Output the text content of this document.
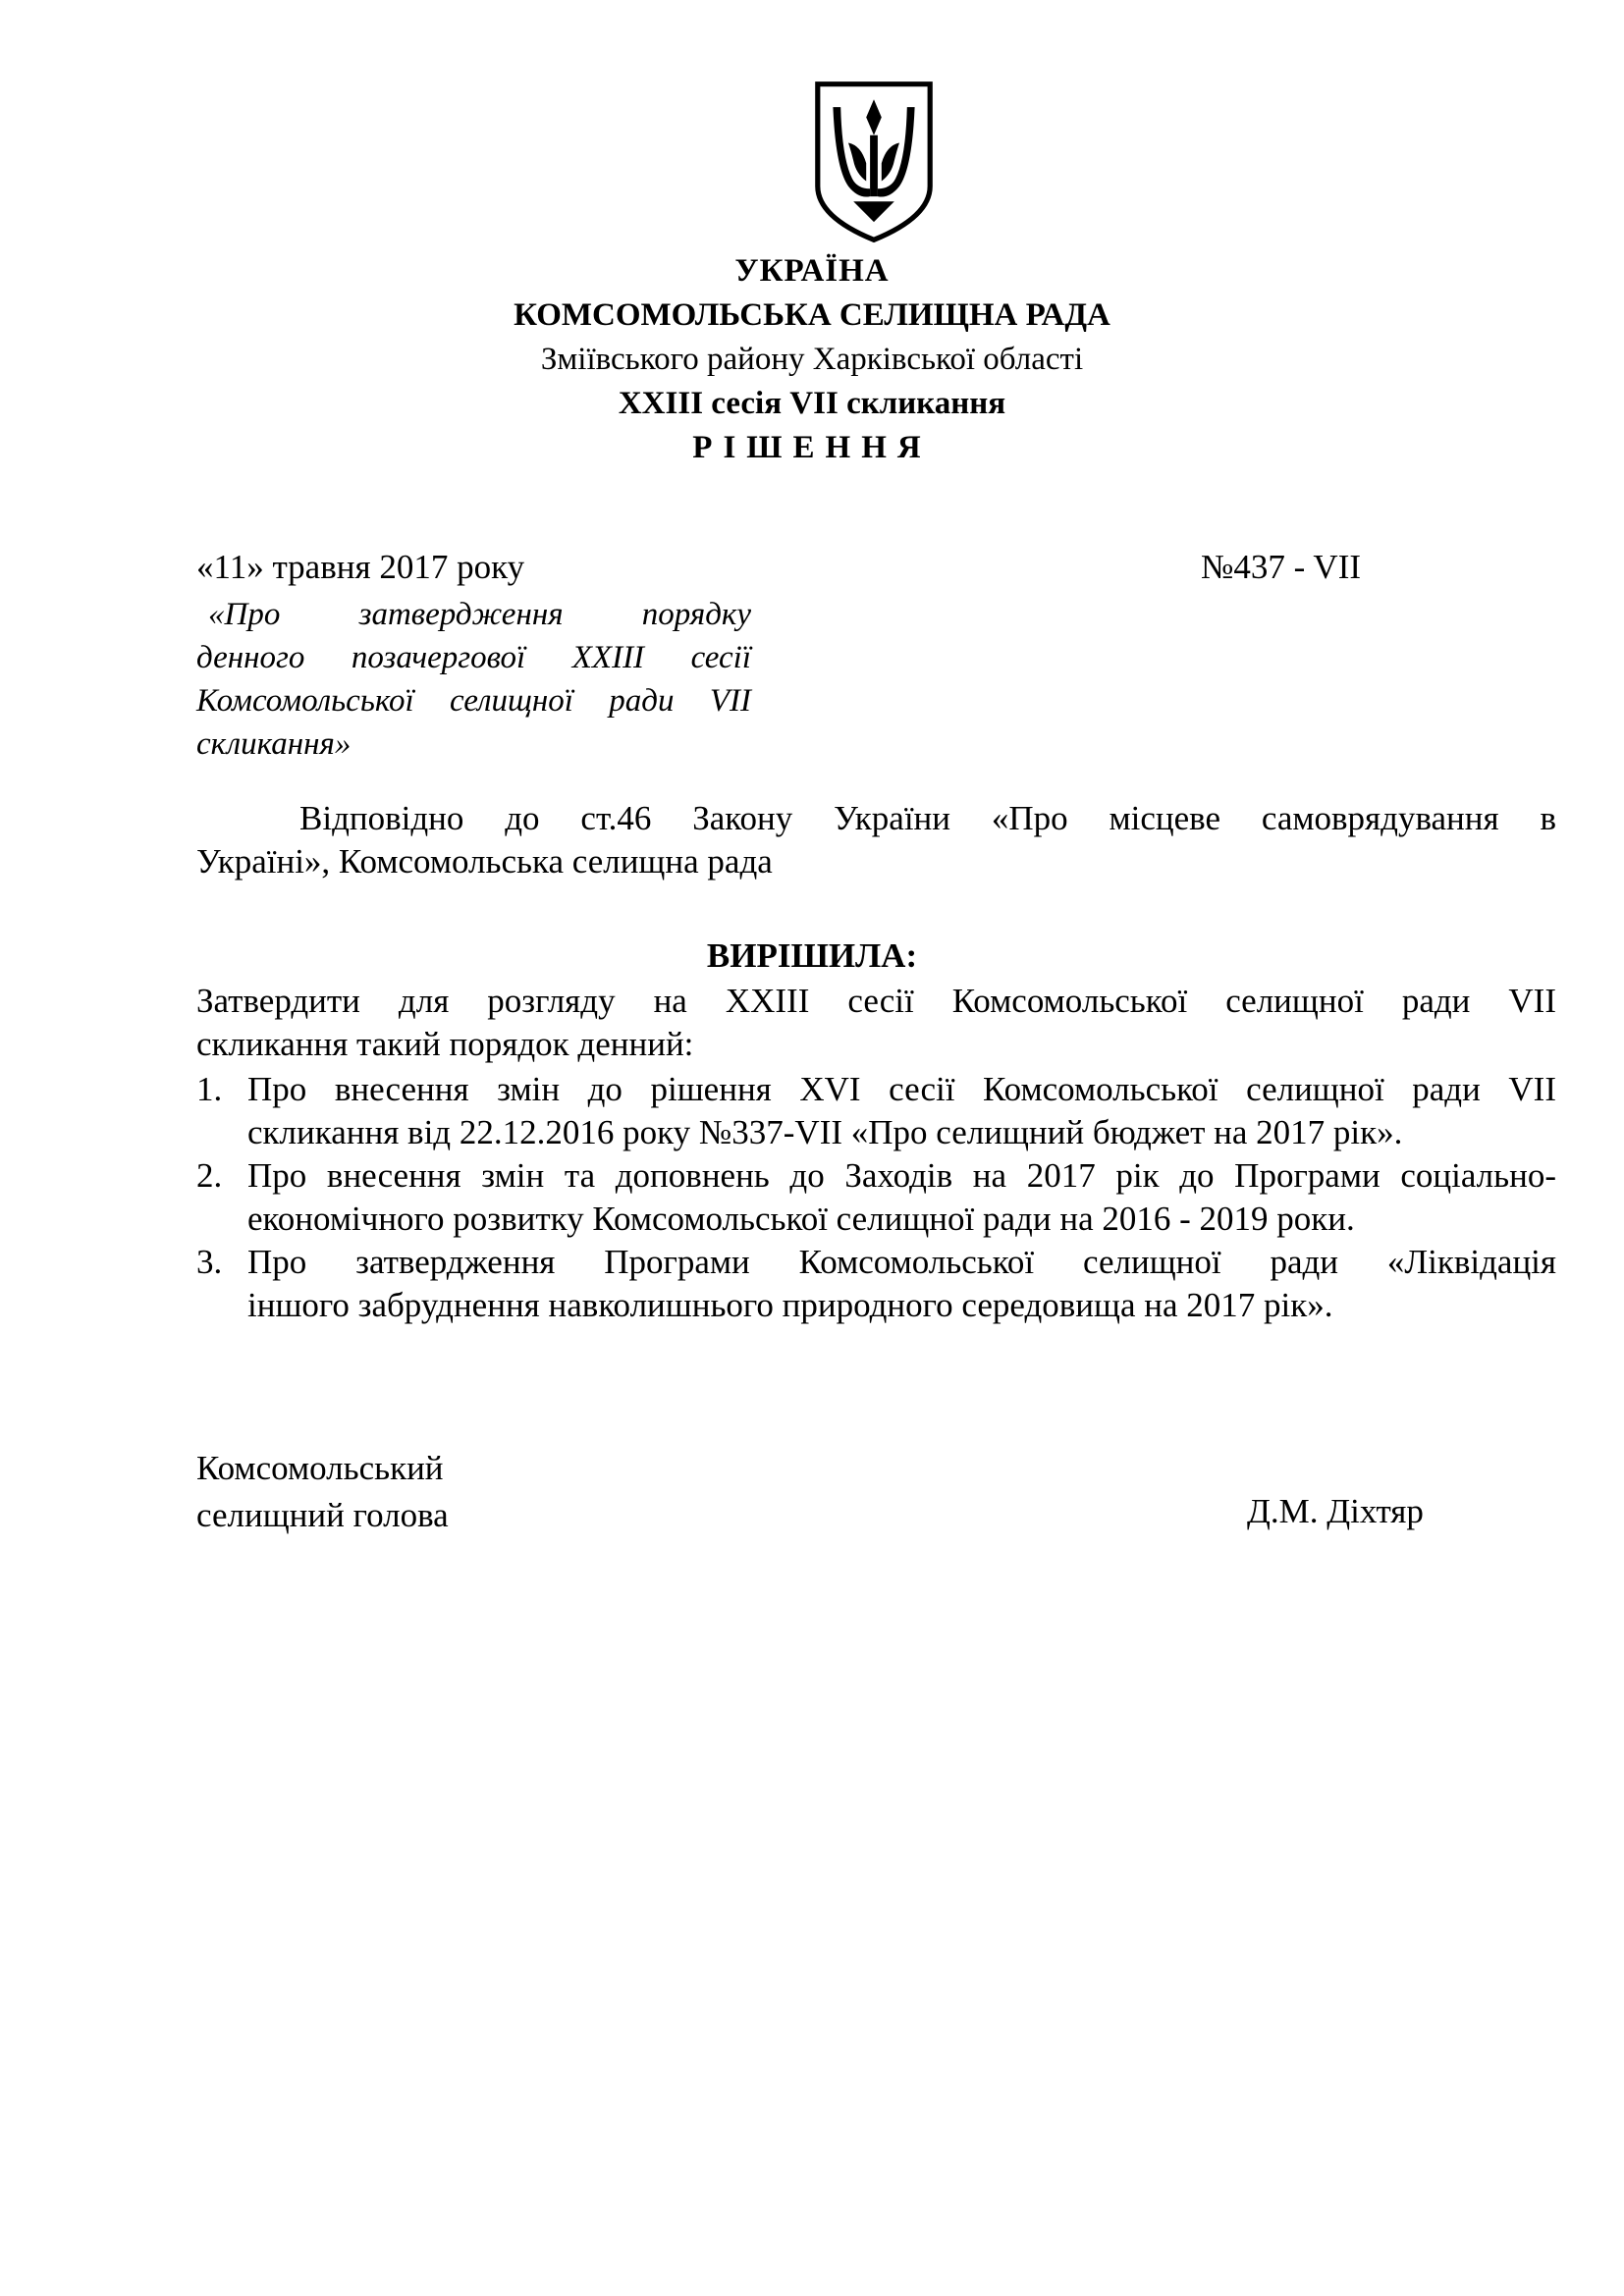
УКРАЇНА
КОМСОМОЛЬСЬКА СЕЛИЩНА РАДА
Зміївського району Харківської області
XXIII сесія VII скликання
РІШЕННЯ
«11» травня 2017 року	№437 - VII
«Про затвердження порядку
денного позачергової XXIII сесії
Комсомольської селищної ради VII
скликання»
Відповідно до ст.46 Закону України «Про місцеве самоврядування в
Україні», Комсомольська селищна рада
ВИРІШИЛА:
Затвердити для розгляду на XXIII сесії Комсомольської селищної ради VII
скликання такий порядок денний:
1. Про внесення змін до рішення XVI сесії Комсомольської селищної ради VII
скликання від 22.12.2016 року №337-VII «Про селищний бюджет на 2017 рік».
2. Про внесення змін та доповнень до Заходів на 2017 рік до Програми соціально-
економічного розвитку Комсомольської селищної ради на 2016 - 2019 роки.
3. Про затвердження Програми Комсомольської селищної ради «Ліквідація
іншого забруднення навколишнього природного середовища на 2017 рік».
Комсомольський
селищний голова	Д.М. Діхтяр
